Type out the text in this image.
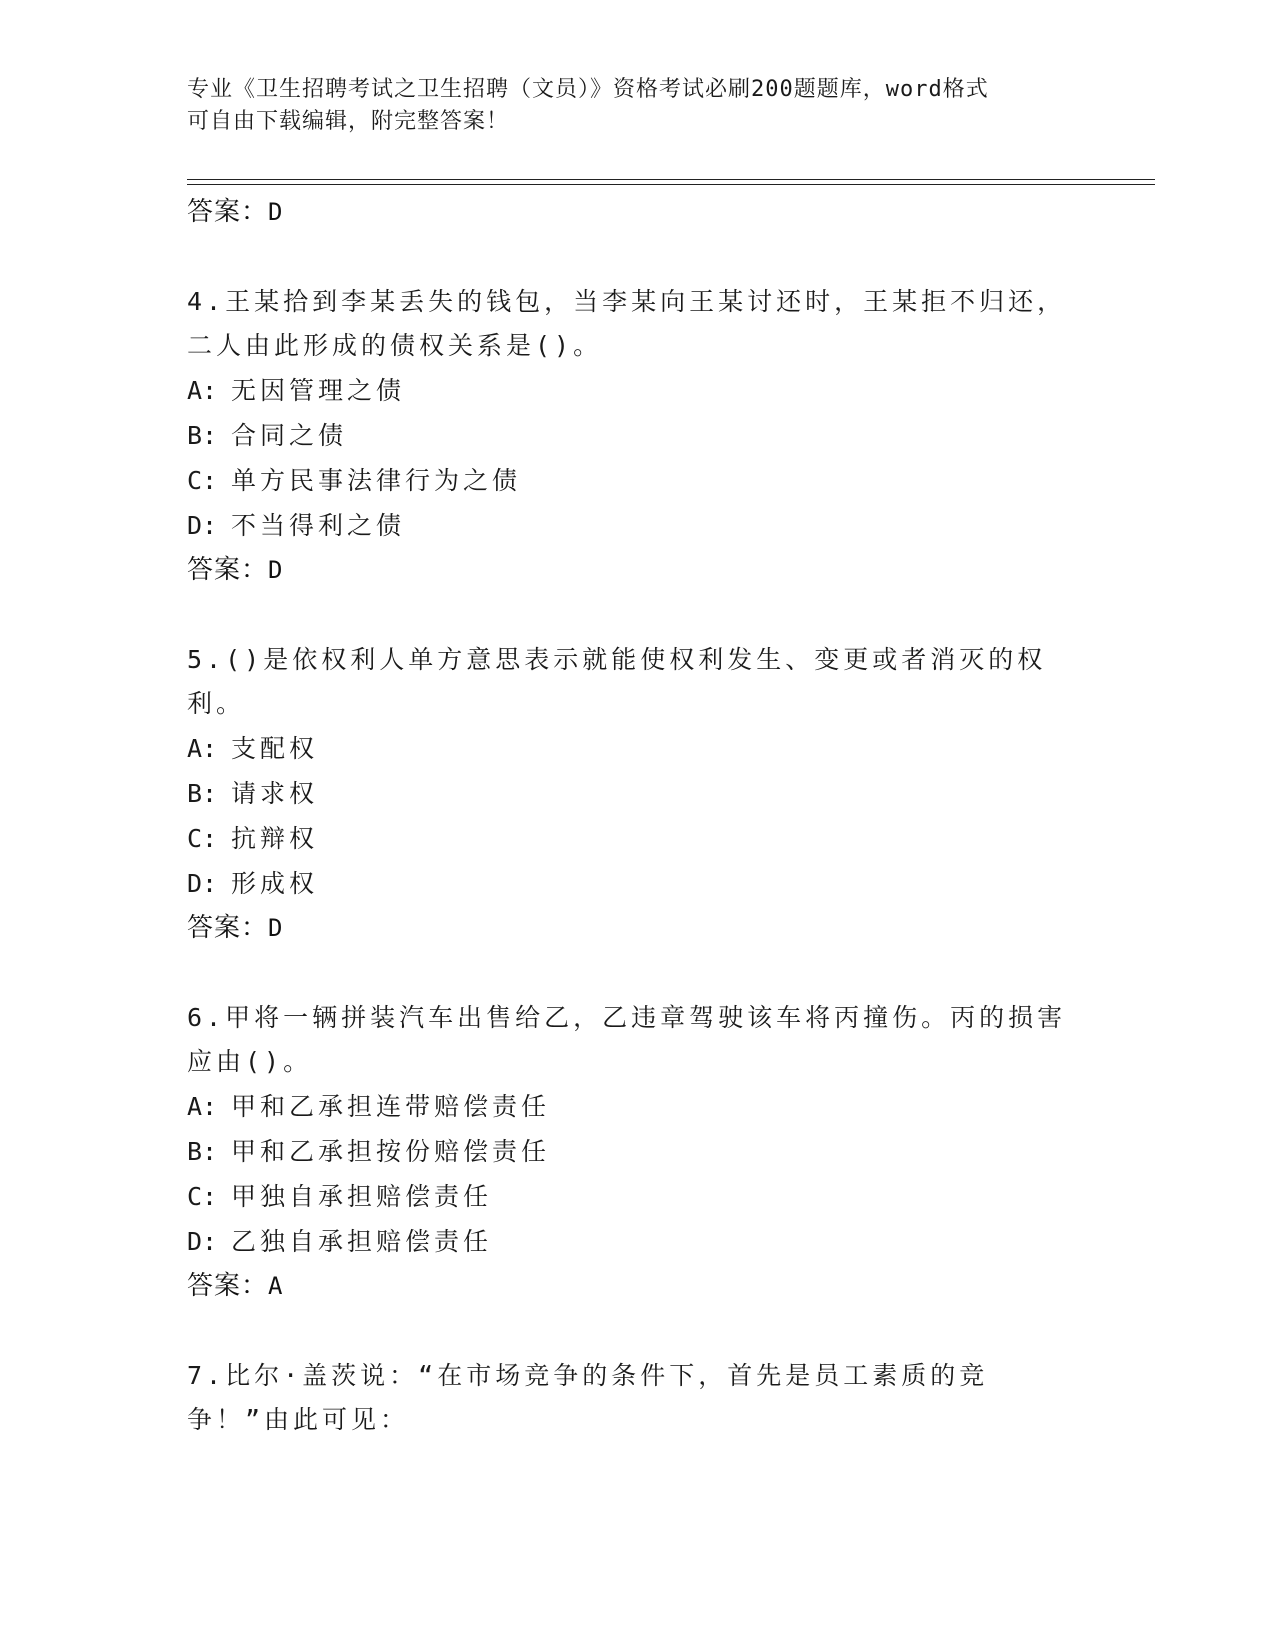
专业《卫生招聘考试之卫生招聘（文员）》资格考试必刷200题题库，word格式
可自由下载编辑，附完整答案！
答案：D
4.王某拾到李某丢失的钱包，当李某向王某讨还时，王某拒不归还，二人由此形成的债权关系是()。
A: 无因管理之债
B: 合同之债
C: 单方民事法律行为之债
D: 不当得利之债
答案：D
5.()是依权利人单方意思表示就能使权利发生、变更或者消灭的权利。
A: 支配权
B: 请求权
C: 抗辩权
D: 形成权
答案：D
6.甲将一辆拼装汽车出售给乙，乙违章驾驶该车将丙撞伤。丙的损害应由()。
A: 甲和乙承担连带赔偿责任
B: 甲和乙承担按份赔偿责任
C: 甲独自承担赔偿责任
D: 乙独自承担赔偿责任
答案：A
7.比尔·盖茨说：“在市场竞争的条件下，首先是员工素质的竞争！”由此可见：
